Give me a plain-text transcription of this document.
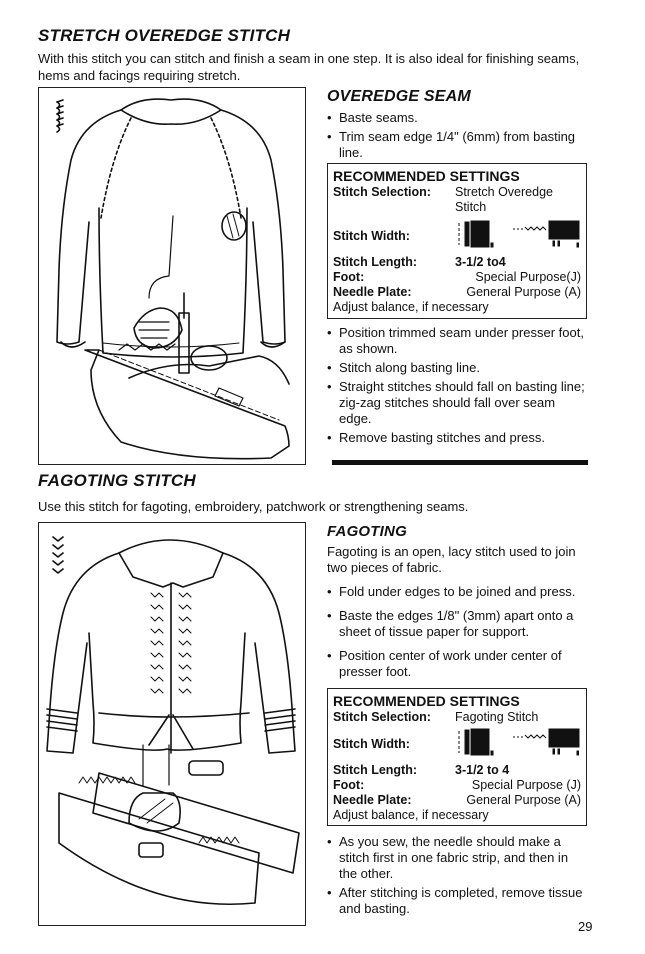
STRETCH OVEREDGE STITCH

With this stitch you can stitch and finish a seam in one step. It is also ideal for finishing seams, hems and facings requiring stretch.

OVEREDGE SEAM
• Baste seams.
• Trim seam edge 1/4" (6mm) from basting line.
RECOMMENDED SETTINGS
Stitch Selection:	Stretch Overedge Stitch
Stitch Width:
Stitch Length:	3-1/2 to4
Foot:	Special Purpose(J)
Needle Plate:	General Purpose (A)
Adjust balance, if necessary
• Position trimmed seam under presser foot, as shown.
• Stitch along basting line.
• Straight stitches should fall on basting line; zig-zag stitches should fall over seam edge.
• Remove basting stitches and press.
FAGOTING STITCH

Use this stitch for fagoting, embroidery, patchwork or strengthening seams.

FAGOTING

Fagoting is an open, lacy stitch used to join two pieces of fabric.

• Fold under edges to be joined and press.
• Baste the edges 1/8" (3mm) apart onto a sheet of tissue paper for support.
• Position center of work under center of presser foot.
RECOMMENDED SETTINGS
Stitch Selection:	Fagoting Stitch
Stitch Width:
Stitch Length:	3-1/2 to 4
Foot:	Special Purpose (J)
Needle Plate:	General Purpose (A)
Adjust balance, if necessary
• As you sew, the needle should make a stitch first in one fabric strip, and then in the other.
• After stitching is completed, remove tissue and basting.
29
